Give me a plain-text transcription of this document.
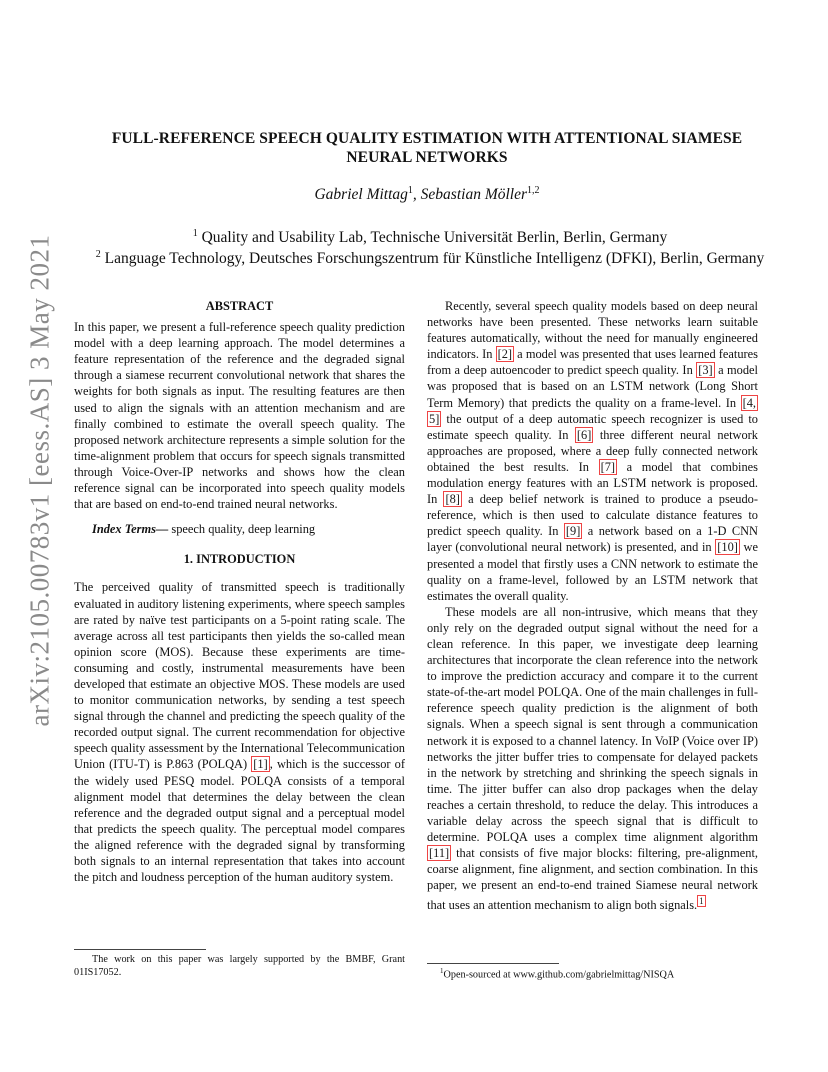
arXiv:2105.00783v1 [eess.AS] 3 May 2021
FULL-REFERENCE SPEECH QUALITY ESTIMATION WITH ATTENTIONAL SIAMESE
NEURAL NETWORKS
Gabriel Mittag$^1$, Sebastian Möller$^{1,2}$
$^1$ Quality and Usability Lab, Technische Universität Berlin, Berlin, Germany
$^2$ Language Technology, Deutsches Forschungszentrum für Künstliche Intelligenz (DFKI), Berlin, Germany
ABSTRACT

In this paper, we present a full-reference speech quality prediction model with a deep learning approach. The model determines a feature representation of the reference and the degraded signal through a siamese recurrent convolutional network that shares the weights for both signals as input. The resulting features are then used to align the signals with an attention mechanism and are finally combined to estimate the overall speech quality. The proposed network architecture represents a simple solution for the time-alignment problem that occurs for speech signals transmitted through Voice-Over-IP networks and shows how the clean reference signal can be incorporated into speech quality models that are based on end-to-end trained neural networks.

Index Terms— speech quality, deep learning

1. INTRODUCTION

The perceived quality of transmitted speech is traditionally evaluated in auditory listening experiments, where speech samples are rated by naïve test participants on a 5-point rating scale. The average across all test participants then yields the so-called mean opinion score (MOS). Because these experiments are time-consuming and costly, instrumental measurements have been developed that estimate an objective MOS. These models are used to monitor communication networks, by sending a test speech signal through the channel and predicting the speech quality of the recorded output signal. The current recommendation for objective speech quality assessment by the International Telecommunication Union (ITU-T) is P.863 (POLQA) [1] , which is the successor of the widely used PESQ model. POLQA consists of a temporal alignment model that determines the delay between the clean reference and the degraded output signal and a perceptual model that predicts the speech quality. The perceptual model compares the aligned reference with the degraded signal by transforming both signals to an internal representation that takes into account the pitch and loudness perception of the human auditory system.

Recently, several speech quality models based on deep neural networks have been presented. These networks learn suitable features automatically, without the need for manually engineered indicators. In [2] a model was presented that uses learned features from a deep autoencoder to predict speech quality. In [3] a model was proposed that is based on an LSTM network (Long Short Term Memory) that predicts the quality on a frame-level. In [4, 5] the output of a deep automatic speech recognizer is used to estimate speech quality. In [6] three different neural network approaches are proposed, where a deep fully connected network obtained the best results. In [7] a model that combines modulation energy features with an LSTM network is proposed. In [8] a deep belief network is trained to produce a pseudo-reference, which is then used to calculate distance features to predict speech quality. In [9] a network based on a 1-D CNN layer (convolutional neural network) is presented, and in [10] we presented a model that firstly uses a CNN network to estimate the quality on a frame-level, followed by an LSTM network that estimates the overall quality.

These models are all non-intrusive, which means that they only rely on the degraded output signal without the need for a clean reference. In this paper, we investigate deep learning architectures that incorporate the clean reference into the network to improve the prediction accuracy and compare it to the current state-of-the-art model POLQA. One of the main challenges in full-reference speech quality prediction is the alignment of both signals. When a speech signal is sent through a communication network it is exposed to a channel latency. In VoIP (Voice over IP) networks the jitter buffer tries to compensate for delayed packets in the network by stretching and shrinking the speech signals in time. The jitter buffer can also drop packages when the delay reaches a certain threshold, to reduce the delay. This introduces a variable delay across the speech signal that is difficult to determine. POLQA uses a complex time alignment algorithm [11] that consists of five major blocks: filtering, pre-alignment, coarse alignment, fine alignment, and section combination. In this paper, we present an end-to-end trained Siamese neural network that uses an attention mechanism to align both signals. $^1$

The work on this paper was largely supported by the BMBF, Grant 01IS17052.	$^1$Open-sourced at www.github.com/gabrielmittag/NISQA
